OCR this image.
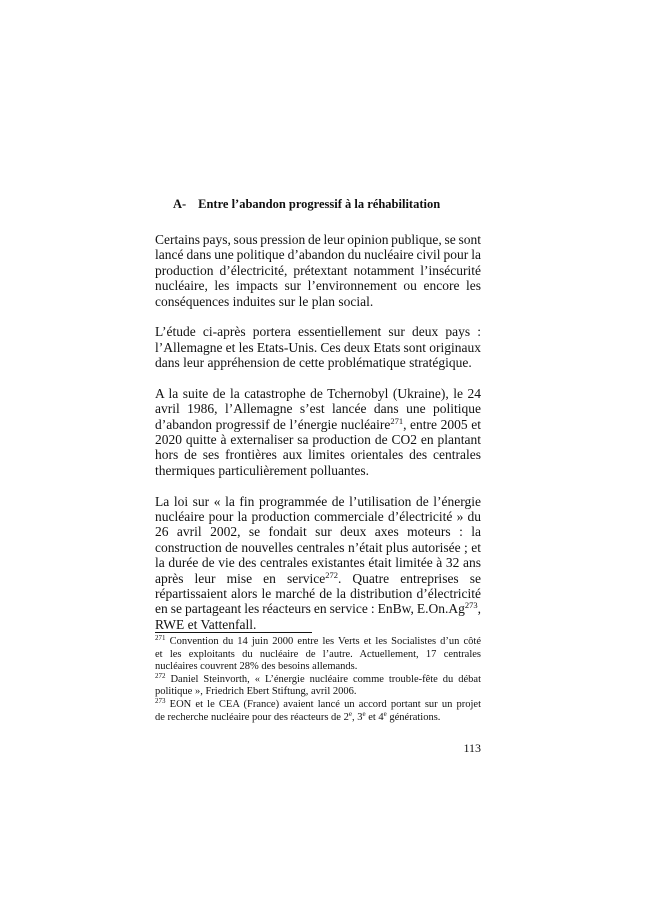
A- Entre l’abandon progressif à la réhabilitation
Certains pays, sous pression de leur opinion publique, se sont
lancé dans une politique d’abandon du nucléaire civil pour la
production d’électricité, prétextant notamment l’insécurité
nucléaire, les impacts sur l’environnement ou encore les
conséquences induites sur le plan social.
L’étude ci-après portera essentiellement sur deux pays :
l’Allemagne et les Etats-Unis. Ces deux Etats sont originaux
dans leur appréhension de cette problématique stratégique.
A la suite de la catastrophe de Tchernobyl (Ukraine), le 24
avril 1986, l’Allemagne s’est lancée dans une politique
d’abandon progressif de l’énergie nucléaire$^{271}$, entre 2005 et
2020 quitte à externaliser sa production de CO2 en plantant
hors de ses frontières aux limites orientales des centrales
thermiques particulièrement polluantes.
La loi sur « la fin programmée de l’utilisation de l’énergie
nucléaire pour la production commerciale d’électricité » du
26 avril 2002, se fondait sur deux axes moteurs : la
construction de nouvelles centrales n’était plus autorisée ; et
la durée de vie des centrales existantes était limitée à 32 ans
après leur mise en service$^{272}$. Quatre entreprises se
répartissaient alors le marché de la distribution d’électricité
en se partageant les réacteurs en service : EnBw, E.On.Ag$^{273}$,
RWE et Vattenfall.
$^{271}$ Convention du 14 juin 2000 entre les Verts et les Socialistes d’un côté
et les exploitants du nucléaire de l’autre. Actuellement, 17 centrales
nucléaires couvrent 28% des besoins allemands.
$^{272}$ Daniel Steinvorth, « L’énergie nucléaire comme trouble-fête du débat
politique », Friedrich Ebert Stiftung, avril 2006.
$^{273}$ EON et le CEA (France) avaient lancé un accord portant sur un projet
de recherche nucléaire pour des réacteurs de 2e, 3e et 4e générations.
113
